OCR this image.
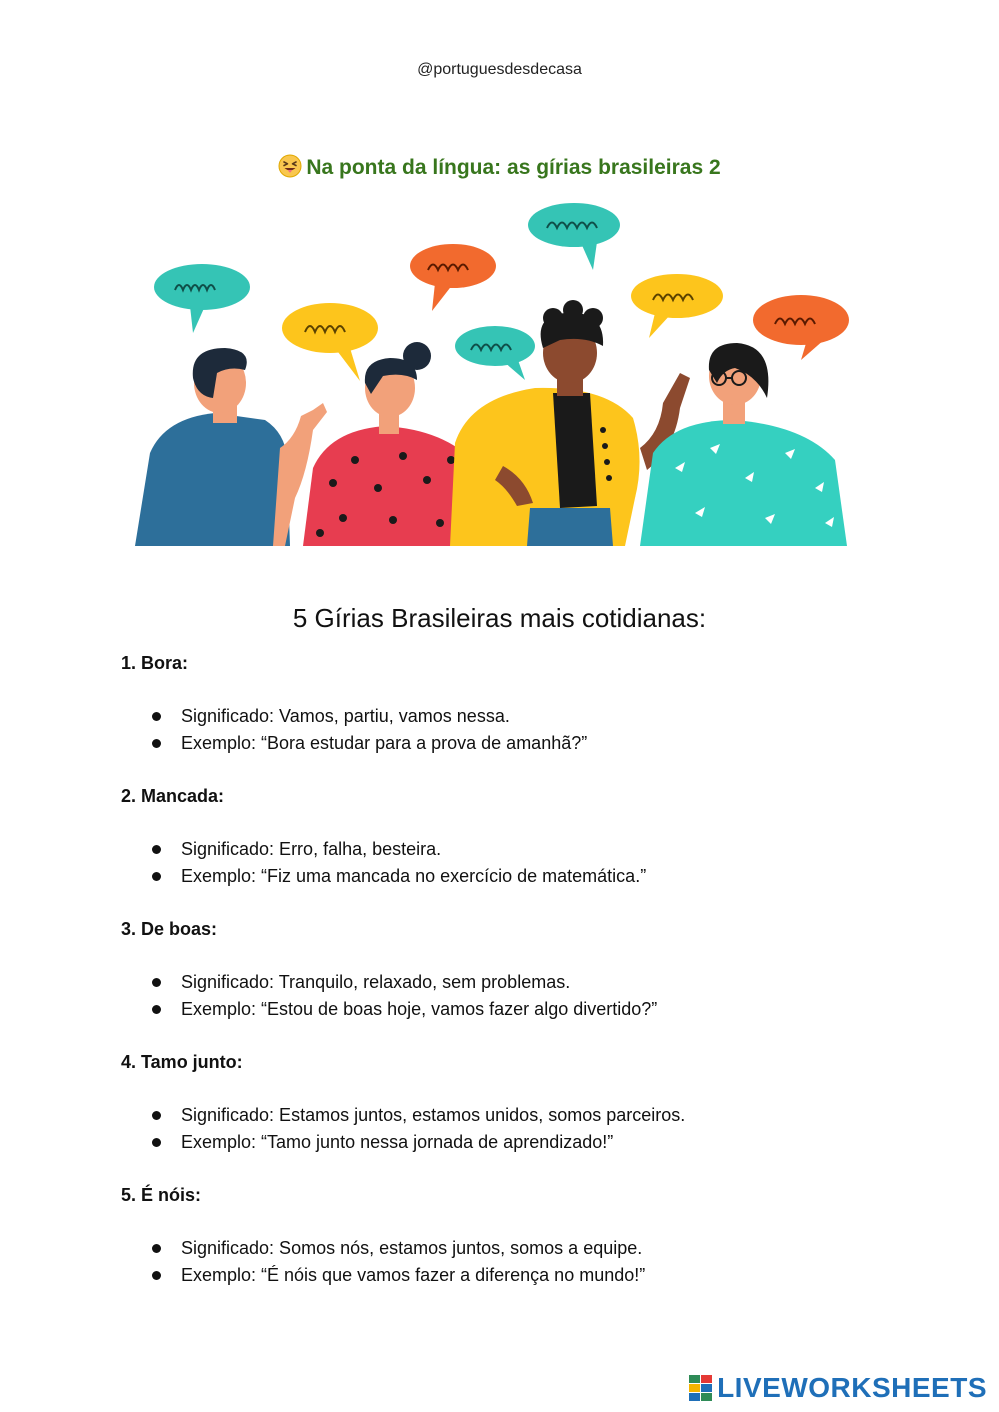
@portuguesdesdecasa
Na ponta da língua: as gírias brasileiras 2
5 Gírias Brasileiras mais cotidianas:
1. Bora:
Significado: Vamos, partiu, vamos nessa.
Exemplo: “Bora estudar para a prova de amanhã?”
2. Mancada:
Significado: Erro, falha, besteira.
Exemplo: “Fiz uma mancada no exercício de matemática.”
3. De boas:
Significado: Tranquilo, relaxado, sem problemas.
Exemplo: “Estou de boas hoje, vamos fazer algo divertido?”
4. Tamo junto:
Significado: Estamos juntos, estamos unidos, somos parceiros.
Exemplo: “Tamo junto nessa jornada de aprendizado!”
5. É nóis:
Significado: Somos nós, estamos juntos, somos a equipe.
Exemplo: “É nóis que vamos fazer a diferença no mundo!”
LIVEWORKSHEETS
